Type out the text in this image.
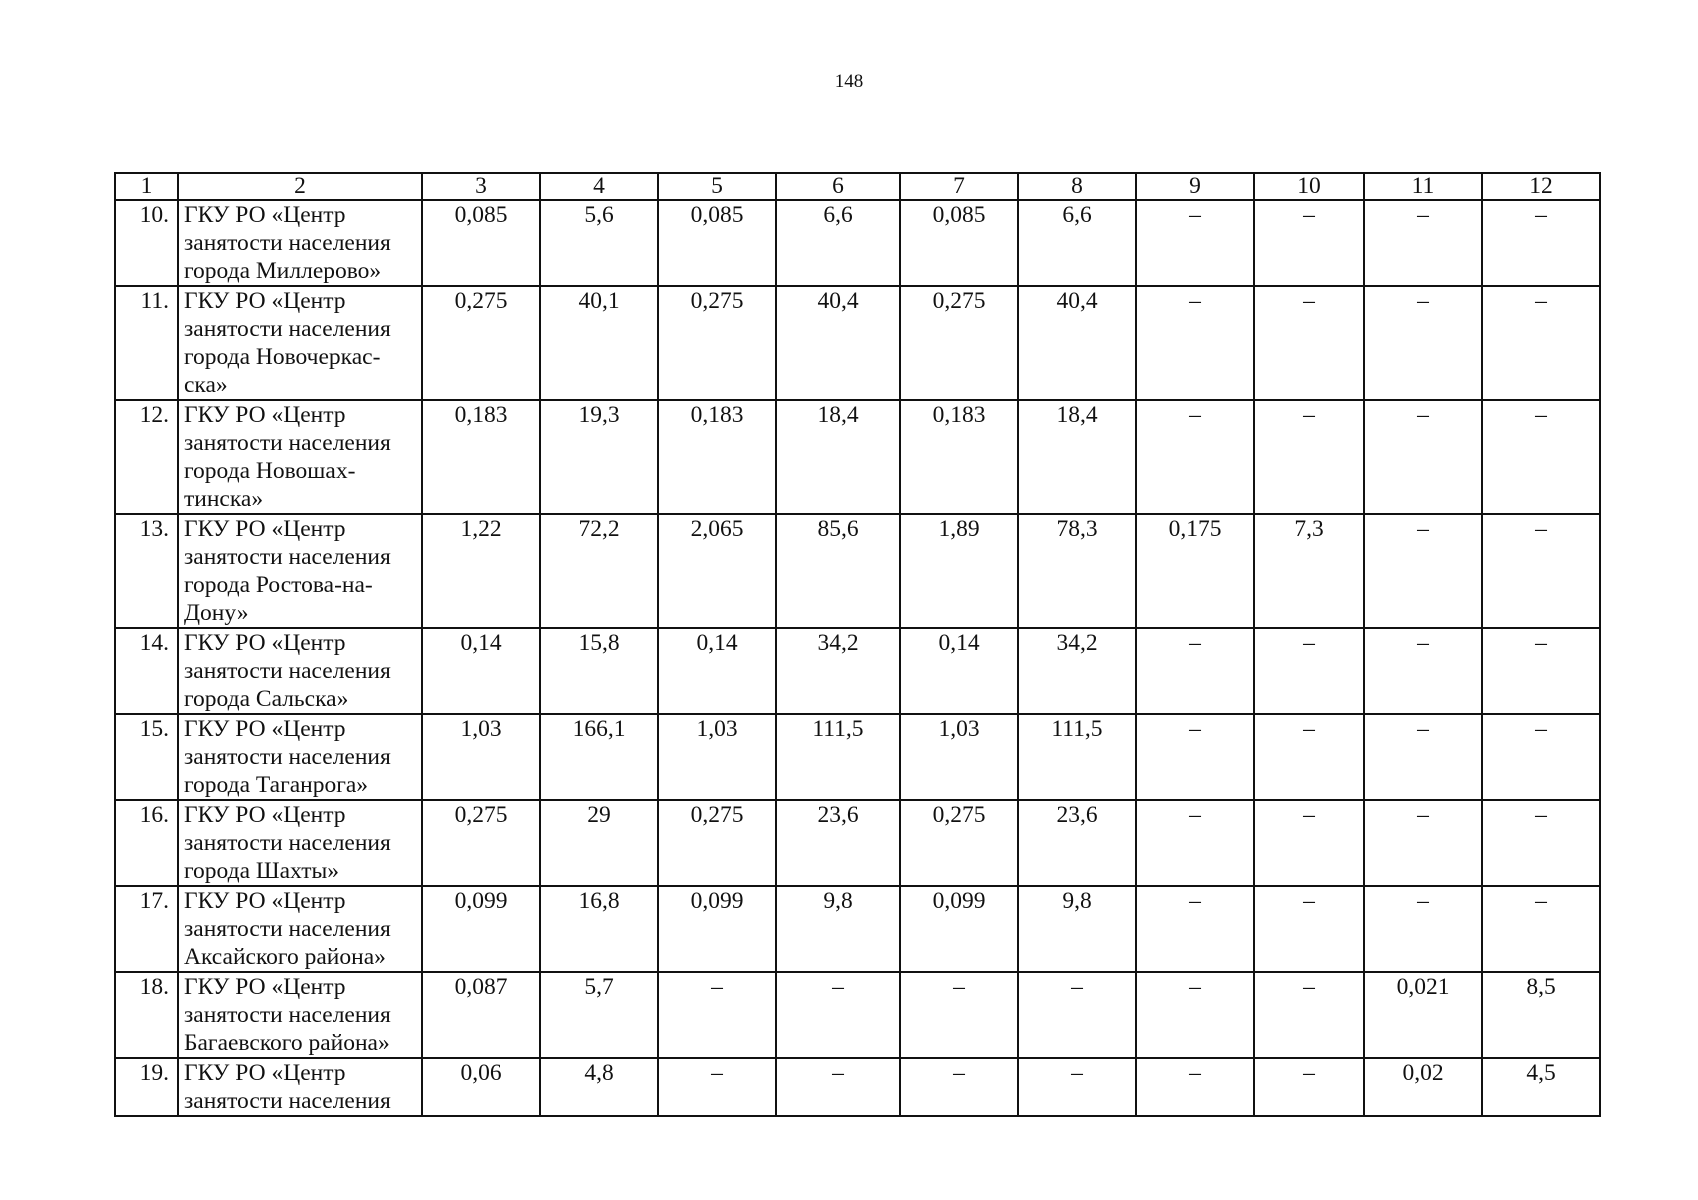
148
1	2	3	4	5	6	7	8	9	10	11	12
10.	ГКУ РО «Центр
занятости населения
города Миллерово»	0,085	5,6	0,085	6,6	0,085	6,6	–	–	–	–
11.	ГКУ РО «Центр
занятости населения
города Новочеркас-
ска»	0,275	40,1	0,275	40,4	0,275	40,4	–	–	–	–
12.	ГКУ РО «Центр
занятости населения
города Новошах-
тинска»	0,183	19,3	0,183	18,4	0,183	18,4	–	–	–	–
13.	ГКУ РО «Центр
занятости населения
города Ростова-на-
Дону»	1,22	72,2	2,065	85,6	1,89	78,3	0,175	7,3	–	–
14.	ГКУ РО «Центр
занятости населения
города Сальска»	0,14	15,8	0,14	34,2	0,14	34,2	–	–	–	–
15.	ГКУ РО «Центр
занятости населения
города Таганрога»	1,03	166,1	1,03	111,5	1,03	111,5	–	–	–	–
16.	ГКУ РО «Центр
занятости населения
города Шахты»	0,275	29	0,275	23,6	0,275	23,6	–	–	–	–
17.	ГКУ РО «Центр
занятости населения
Аксайского района»	0,099	16,8	0,099	9,8	0,099	9,8	–	–	–	–
18.	ГКУ РО «Центр
занятости населения
Багаевского района»	0,087	5,7	–	–	–	–	–	–	0,021	8,5
19.	ГКУ РО «Центр
занятости населения	0,06	4,8	–	–	–	–	–	–	0,02	4,5
